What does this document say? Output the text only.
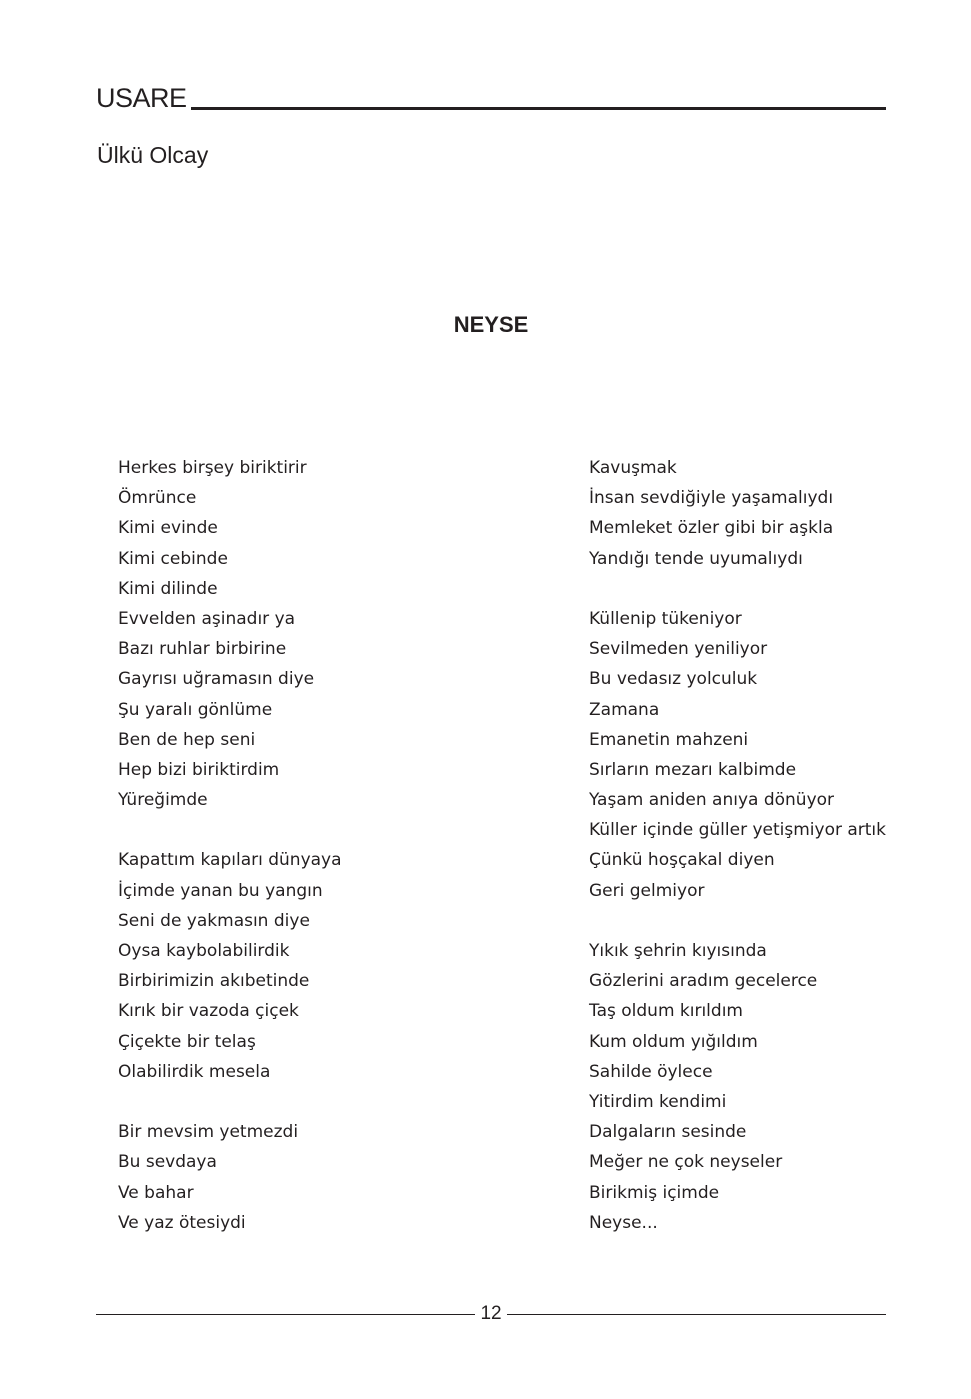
USARE
Ülkü Olcay
NEYSE
Herkes birşey biriktirir
Ömrünce
Kimi evinde
Kimi cebinde
Kimi dilinde
Evvelden aşinadır ya
Bazı ruhlar birbirine
Gayrısı uğramasın diye
Şu yaralı gönlüme
Ben de hep seni
Hep bizi biriktirdim
Yüreğimde
Kapattım kapıları dünyaya
İçimde yanan bu yangın
Seni de yakmasın diye
Oysa kaybolabilirdik
Birbirimizin akıbetinde
Kırık bir vazoda çiçek
Çiçekte bir telaş
Olabilirdik mesela
Bir mevsim yetmezdi
Bu sevdaya
Ve bahar
Ve yaz ötesiydi
Kavuşmak
İnsan sevdiğiyle yaşamalıydı
Memleket özler gibi bir aşkla
Yandığı tende uyumalıydı
Küllenip tükeniyor
Sevilmeden yeniliyor
Bu vedasız yolculuk
Zamana
Emanetin mahzeni
Sırların mezarı kalbimde
Yaşam aniden anıya dönüyor
Küller içinde güller yetişmiyor artık
Çünkü hoşçakal diyen
Geri gelmiyor
Yıkık şehrin kıyısında
Gözlerini aradım gecelerce
Taş oldum kırıldım
Kum oldum yığıldım
Sahilde öylece
Yitirdim kendimi
Dalgaların sesinde
Meğer ne çok neyseler
Birikmiş içimde
Neyse...
12
